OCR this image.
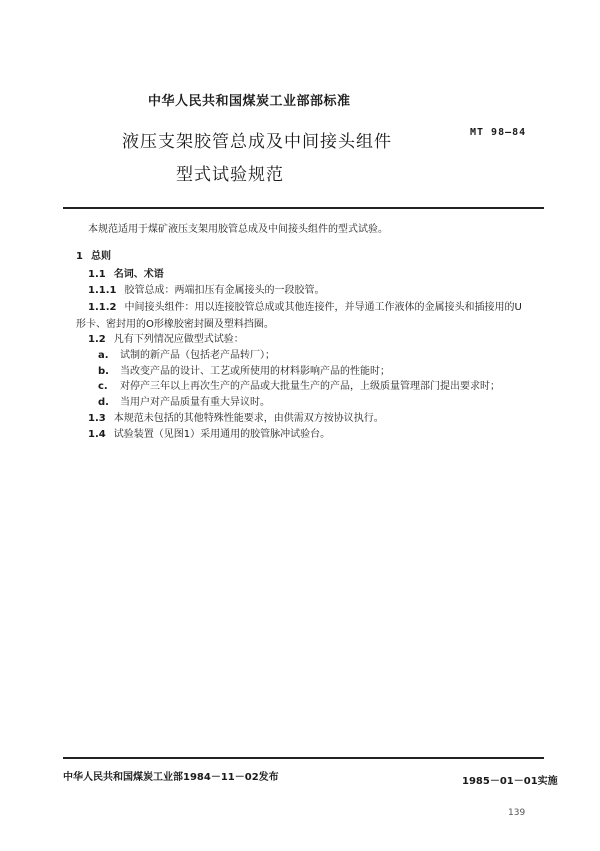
中华人民共和国煤炭工业部部标准
MT 98—84
液压支架胶管总成及中间接头组件
型式试验规范
本规范适用于煤矿液压支架用胶管总成及中间接头组件的型式试验。
1 总则
1.1 名词、术语
1.1.1 胶管总成：两端扣压有金属接头的一段胶管。
1.1.2 中间接头组件：用以连接胶管总成或其他连接件，并导通工作液体的金属接头和插接用的U
形卡、密封用的O形橡胶密封圈及塑料挡圈。
1.2 凡有下列情况应做型式试验：
a. 试制的新产品（包括老产品转厂）；
b. 当改变产品的设计、工艺或所使用的材料影响产品的性能时；
c. 对停产三年以上再次生产的产品或大批量生产的产品，上级质量管理部门提出要求时；
d. 当用户对产品质量有重大异议时。
1.3 本规范未包括的其他特殊性能要求，由供需双方按协议执行。
1.4 试验装置（见图1）采用通用的胶管脉冲试验台。
中华人民共和国煤炭工业部1984－11－02发布	1985－01－01实施
139
